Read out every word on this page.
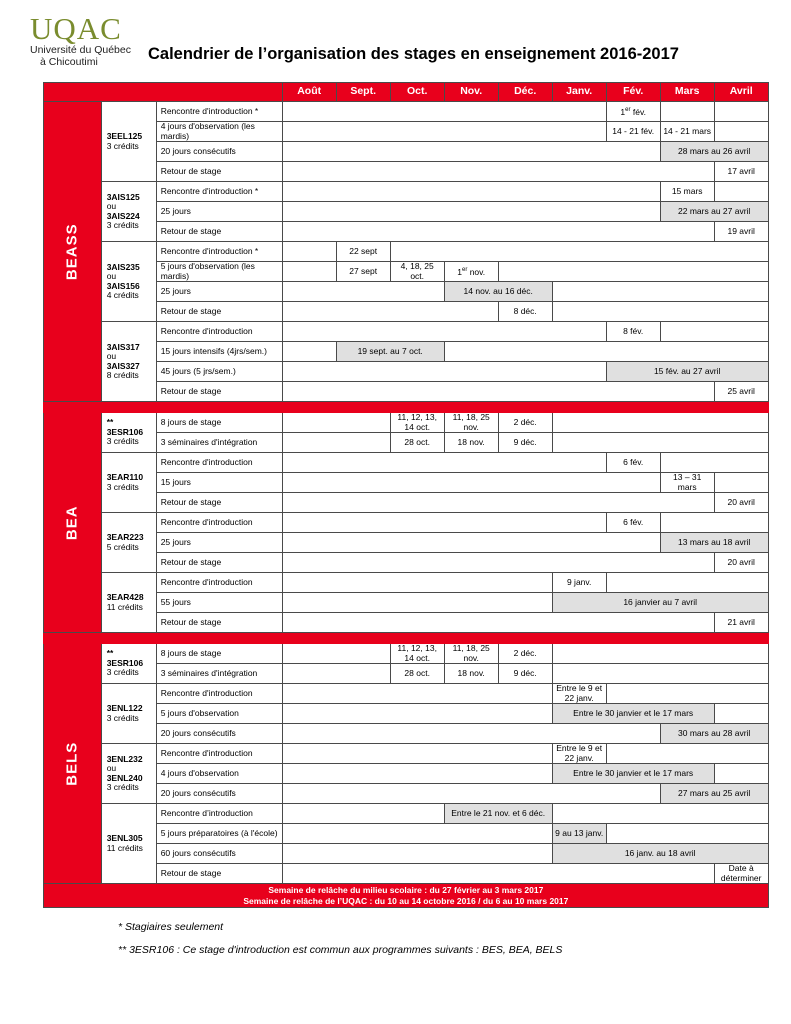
UQAC
Université du Québec
à Chicoutimi	Calendrier de l’organisation des stages en enseignement 2016-2017
			Août	Sept.	Oct.	Nov.	Déc.	Janv.	Fév.	Mars	Avril
BEASS	3EEL125
3 crédits	Rencontre d'introduction *							1er fév.		
		4 jours d'observation (les mardis)							14 - 21 fév.	14 - 21 mars	
		20 jours consécutifs								28 mars au 26 avril	
		Retour de stage									17 avril

	3AIS125
ou
3AIS224
3 crédits	Rencontre d'introduction *								15 mars	
		25 jours								22 mars au 27 avril	
		Retour de stage									19 avril

	3AIS235
ou
3AIS156
4 crédits	Rencontre d'introduction *		22 sept							
		5 jours d'observation (les mardis)		27 sept	4, 18, 25 oct.	1er nov.					
		25 jours				14 nov. au 16 déc.					
		Retour de stage					8 déc.				

	3AIS317
ou
3AIS327
8 crédits	Rencontre d'introduction							8 fév.		
		15 jours intensifs (4jrs/sem.)		19 sept. au 7 oct.							
		45 jours (5 jrs/sem.)							15 fév. au 27 avril		
		Retour de stage									25 avril

BEA	**
3ESR106
3 crédits	8 jours de stage			11, 12, 13, 14 oct.	11, 18, 25 nov.	2 déc.				
		3 séminaires d'intégration			28 oct.	18 nov.	9 déc.				

	3EAR110
3 crédits	Rencontre d'introduction							6 fév.		
		15 jours								13 – 31 mars	
		Retour de stage									20 avril

	3EAR223
5 crédits	Rencontre d'introduction							6 fév.		
		25 jours								13 mars au 18 avril	
		Retour de stage									20 avril

	3EAR428
11 crédits	Rencontre d'introduction						9 janv.			
		55 jours						16 janvier au 7 avril			
		Retour de stage									21 avril

BELS	**
3ESR106
3 crédits	8 jours de stage			11, 12, 13, 14 oct.	11, 18, 25 nov.	2 déc.				
		3 séminaires d'intégration			28 oct.	18 nov.	9 déc.				

	3ENL122
3 crédits	Rencontre d'introduction						Entre le 9 et 22 janv.			
		5 jours d'observation						Entre le 30 janvier et le 17 mars			
		20 jours consécutifs								30 mars au 28 avril	

	3ENL232
ou
3ENL240
3 crédits	Rencontre d'introduction						Entre le 9 et 22 janv.			
		4 jours d'observation						Entre le 30 janvier et le 17 mars			
		20 jours consécutifs								27 mars au 25 avril	

	3ENL305
11 crédits	Rencontre d’introduction				Entre le 21 nov. et 6 déc.					
		5 jours préparatoires (à l'école)						9 au 13 janv.			
		60 jours consécutifs						16 janv. au 18 avril			
		Retour de stage									Date à déterminer

Semaine de relâche du milieu scolaire : du 27 février au 3 mars 2017
Semaine de relâche de l’UQAC : du 10 au 14 octobre 2016 / du 6 au 10 mars 2017											
* Stagiaires seulement
** 3ESR106 : Ce stage d'introduction est commun aux programmes suivants : BES, BEA, BELS
